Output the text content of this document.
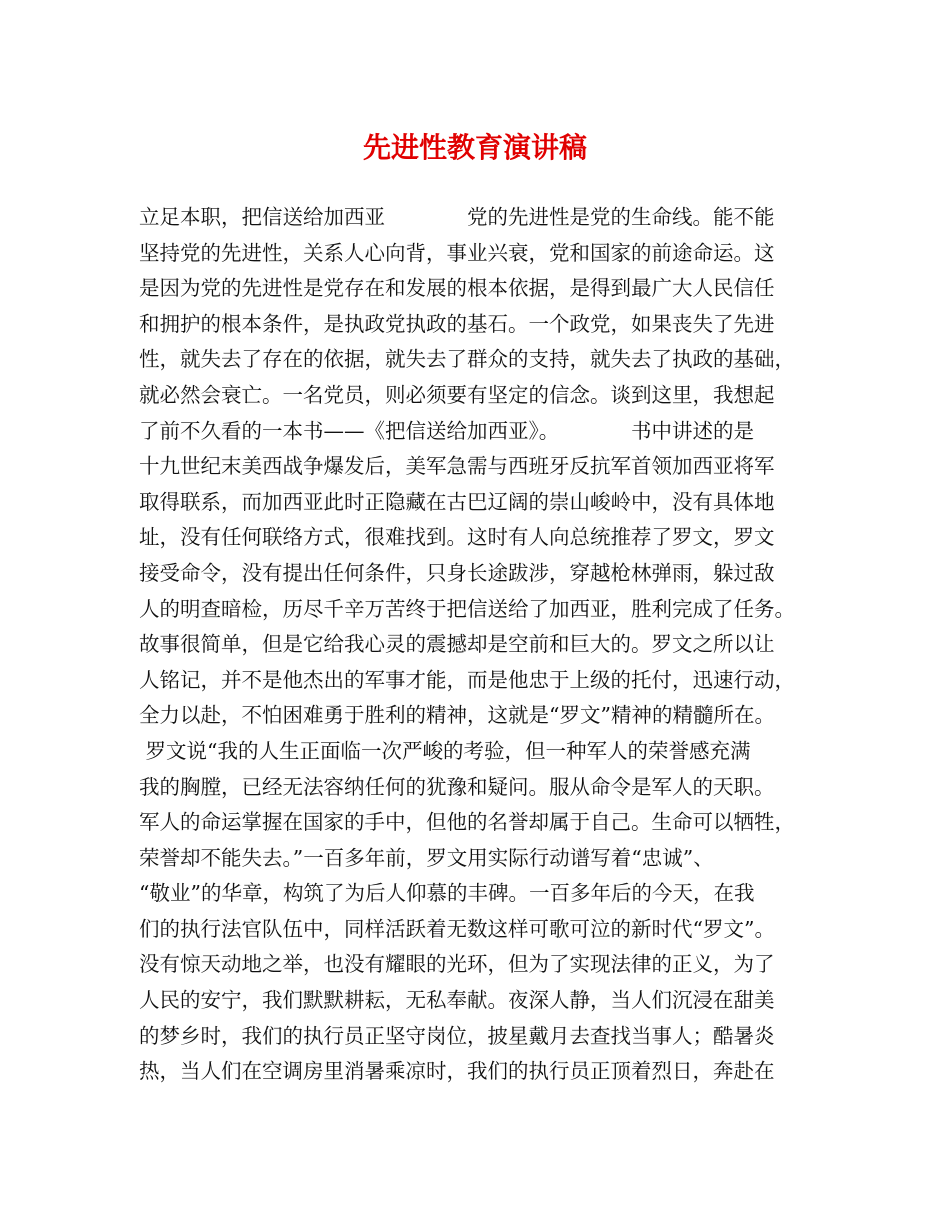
先进性教育演讲稿
立足本职，把信送给加西亚　　　　党的先进性是党的生命线。能不能
坚持党的先进性，关系人心向背，事业兴衰，党和国家的前途命运。这
是因为党的先进性是党存在和发展的根本依据，是得到最广大人民信任
和拥护的根本条件，是执政党执政的基石。一个政党，如果丧失了先进
性，就失去了存在的依据，就失去了群众的支持，就失去了执政的基础，
就必然会衰亡。一名党员，则必须要有坚定的信念。谈到这里，我想起
了前不久看的一本书——《把信送给加西亚》。　　　　书中讲述的是
十九世纪末美西战争爆发后，美军急需与西班牙反抗军首领加西亚将军
取得联系，而加西亚此时正隐藏在古巴辽阔的崇山峻岭中，没有具体地
址，没有任何联络方式，很难找到。这时有人向总统推荐了罗文，罗文
接受命令，没有提出任何条件，只身长途跋涉，穿越枪林弹雨，躲过敌
人的明查暗检，历尽千辛万苦终于把信送给了加西亚，胜利完成了任务。
故事很简单，但是它给我心灵的震撼却是空前和巨大的。罗文之所以让
人铭记，并不是他杰出的军事才能，而是他忠于上级的托付，迅速行动，
全力以赴，不怕困难勇于胜利的精神，这就是“罗文”精神的精髓所在。
罗文说“我的人生正面临一次严峻的考验，但一种军人的荣誉感充满
我的胸膛，已经无法容纳任何的犹豫和疑问。服从命令是军人的天职。
军人的命运掌握在国家的手中，但他的名誉却属于自己。生命可以牺牲，
荣誉却不能失去。”一百多年前，罗文用实际行动谱写着“忠诚”、
“敬业”的华章，构筑了为后人仰慕的丰碑。一百多年后的今天，在我
们的执行法官队伍中，同样活跃着无数这样可歌可泣的新时代“罗文”。
没有惊天动地之举，也没有耀眼的光环，但为了实现法律的正义，为了
人民的安宁，我们默默耕耘，无私奉献。夜深人静，当人们沉浸在甜美
的梦乡时，我们的执行员正坚守岗位，披星戴月去查找当事人；酷暑炎
热，当人们在空调房里消暑乘凉时，我们的执行员正顶着烈日，奔赴在
